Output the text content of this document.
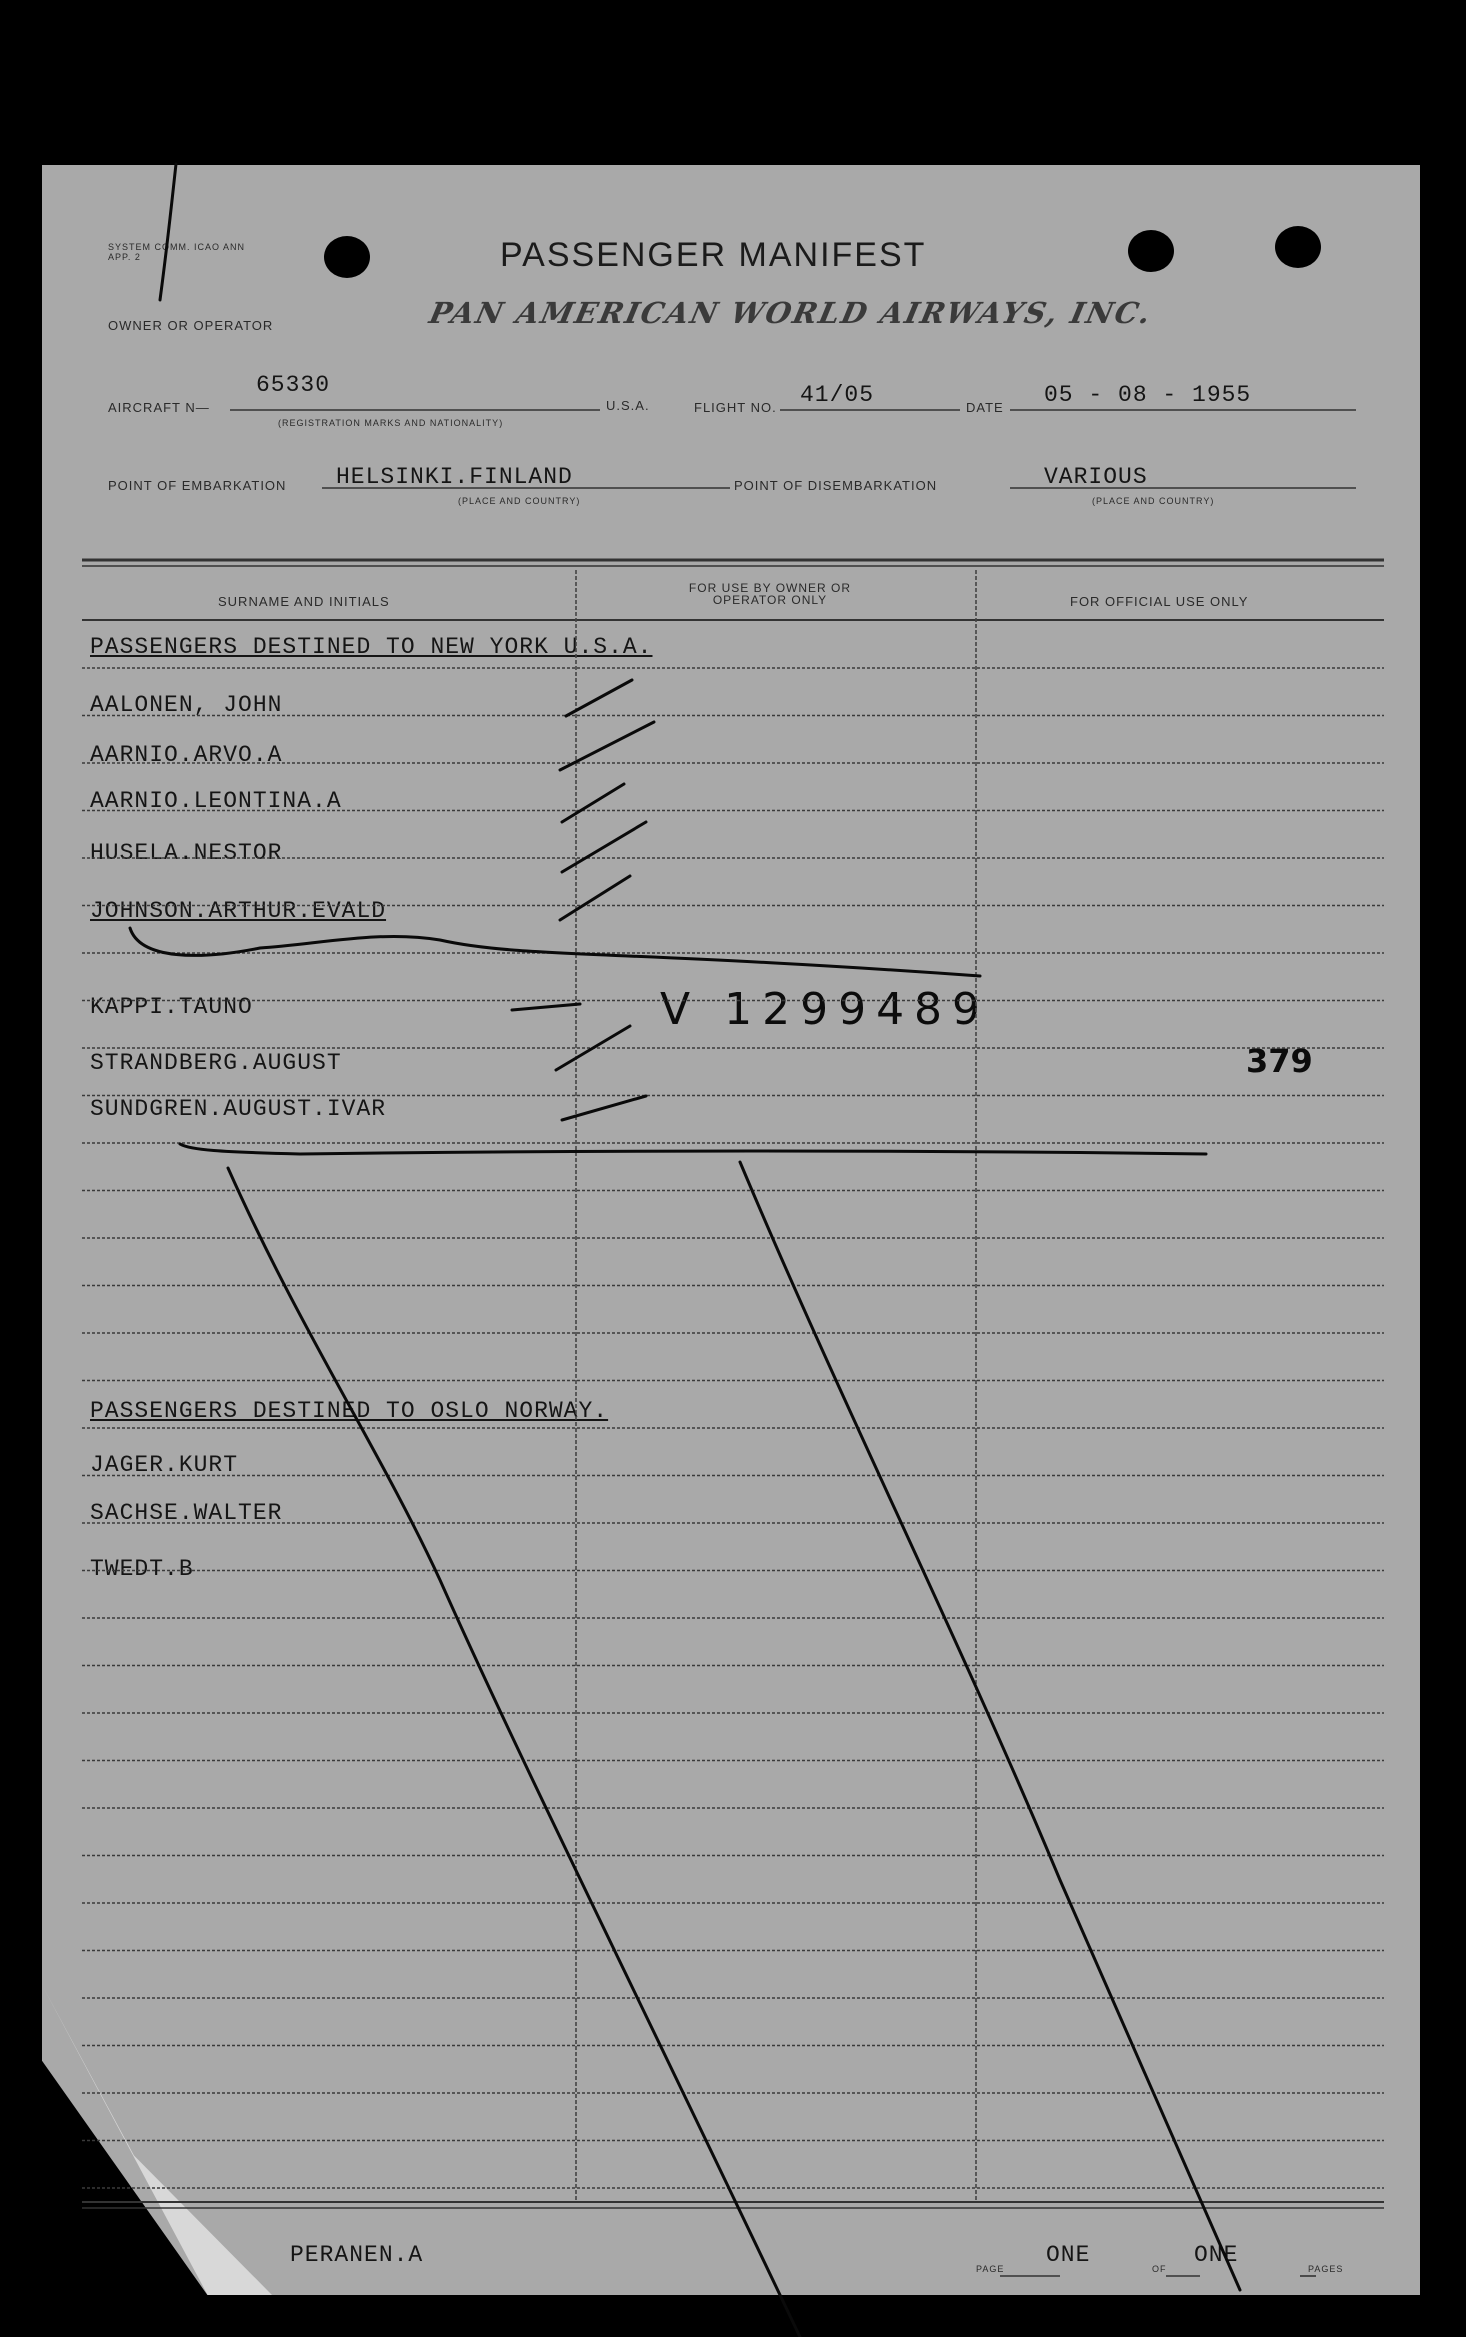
SYSTEM COMM. ICAO ANN APP. 2	PASSENGER MANIFEST
OWNER OR OPERATOR	PAN AMERICAN WORLD AIRWAYS, INC.
AIRCRAFT N—
65330
(REGISTRATION MARKS AND NATIONALITY)
U.S.A.	FLIGHT NO. 41/05	DATE 05 - 08 - 1955
POINT OF EMBARKATION HELSINKI.FINLAND
(PLACE AND COUNTRY)
POINT OF DISEMBARKATION	VARIOUS
(PLACE AND COUNTRY)
SURNAME AND INITIALS
FOR USE BY OWNER OR OPERATOR ONLY	FOR OFFICIAL USE ONLY
PASSENGERS DESTINED TO NEW YORK U.S.A.
AALONEN, JOHN
AARNIO.ARVO.A
AARNIO.LEONTINA.A
HUSELA.NESTOR
JOHNSON.ARTHUR.EVALD
KAPPI.TAUNO
STRANDBERG.AUGUST
SUNDGREN.AUGUST.IVAR
PASSENGERS DESTINED TO OSLO NORWAY.
JAGER.KURT
SACHSE.WALTER
TWEDT.B
V 1299489
379
PERANEN.A
PAGE
ONE
OF
ONE
PAGES
